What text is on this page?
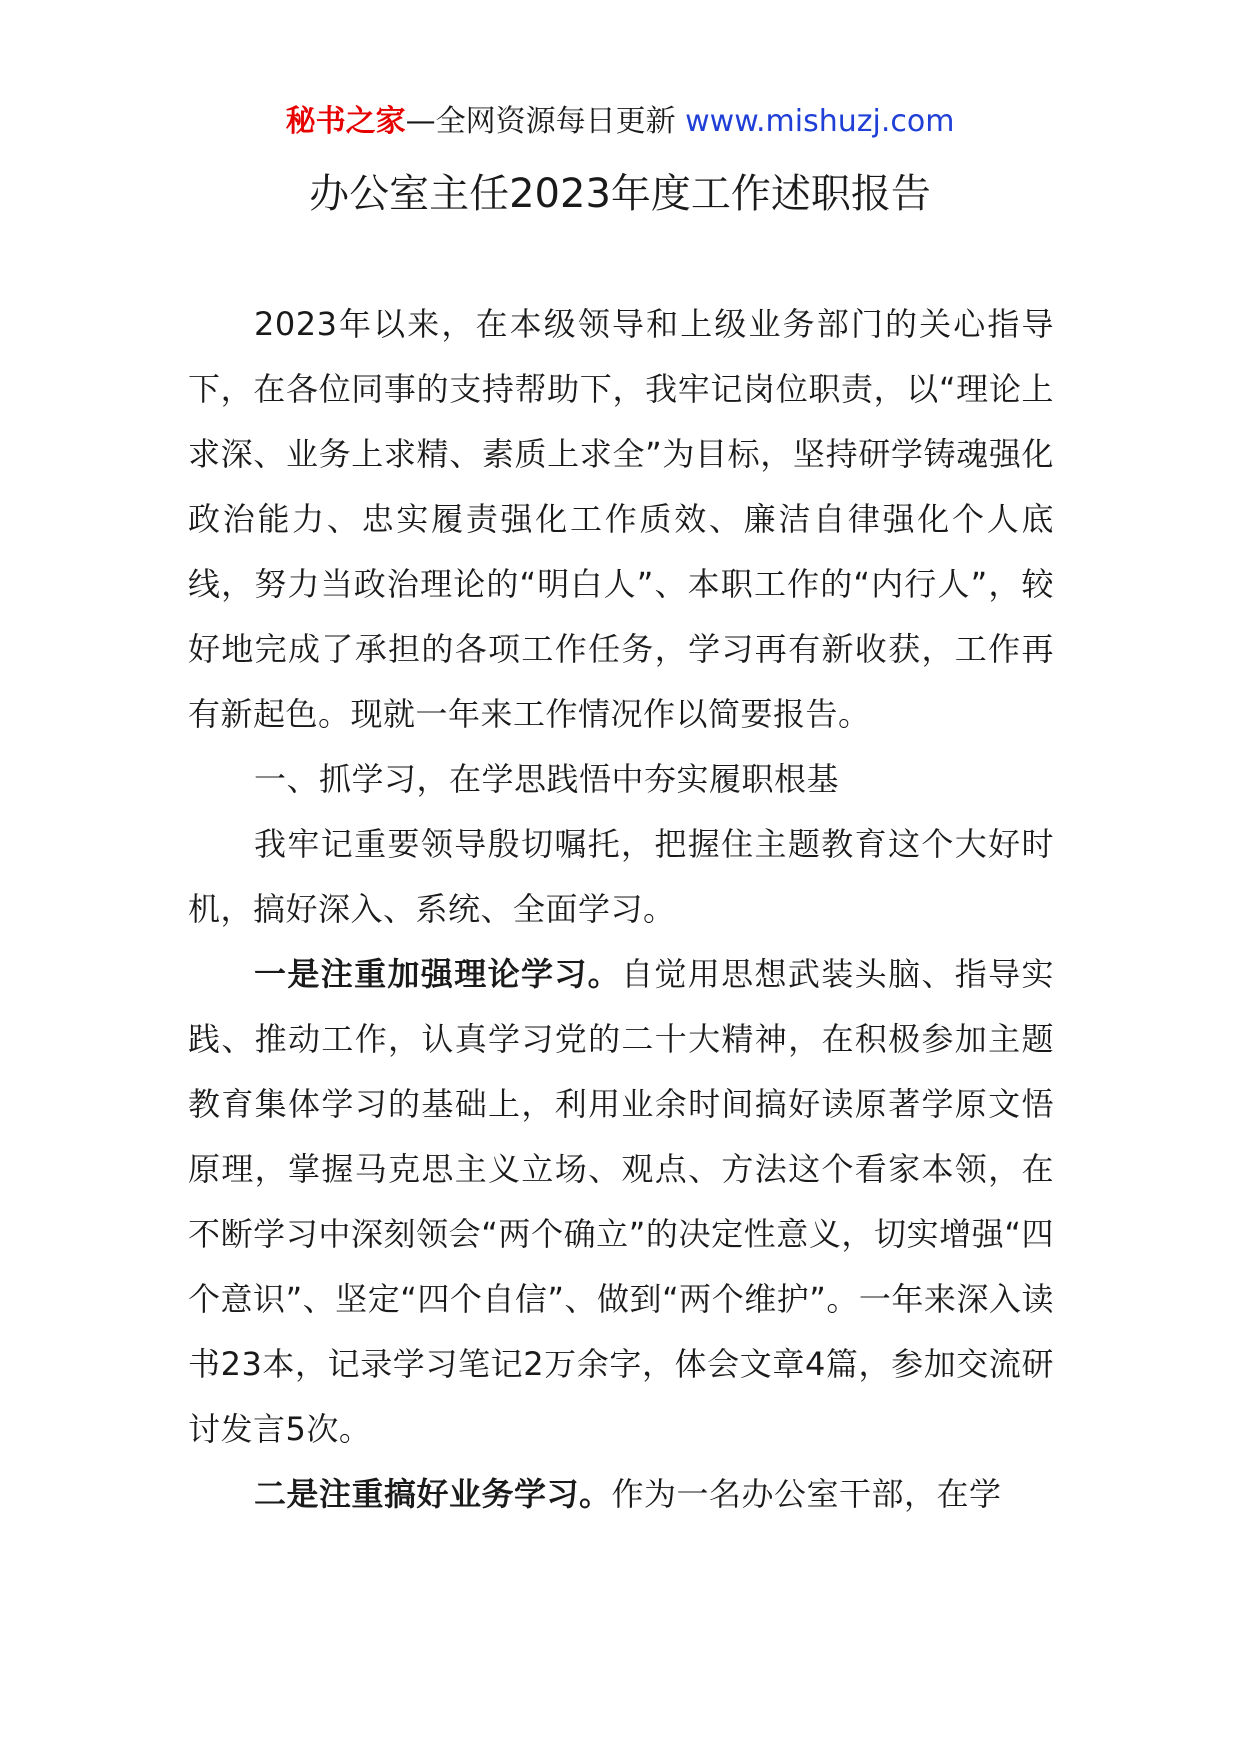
秘书之家—全网资源每日更新 www.mishuzj.com
办公室主任2023年度工作述职报告

2023年以来，在本级领导和上级业务部门的关心指导下，在各位同事的支持帮助下，我牢记岗位职责，以“理论上求深、业务上求精、素质上求全”为目标，坚持研学铸魂强化政治能力、忠实履责强化工作质效、廉洁自律强化个人底线，努力当政治理论的“明白人”、本职工作的“内行人”，较好地完成了承担的各项工作任务，学习再有新收获，工作再有新起色。现就一年来工作情况作以简要报告。

一、抓学习，在学思践悟中夯实履职根基

我牢记重要领导殷切嘱托，把握住主题教育这个大好时机，搞好深入、系统、全面学习。

一是注重加强理论学习。自觉用思想武装头脑、指导实践、推动工作，认真学习党的二十大精神，在积极参加主题教育集体学习的基础上，利用业余时间搞好读原著学原文悟原理，掌握马克思主义立场、观点、方法这个看家本领，在不断学习中深刻领会“两个确立”的决定性意义，切实增强“四个意识”、坚定“四个自信”、做到“两个维护”。一年来深入读书23本，记录学习笔记2万余字，体会文章4篇，参加交流研讨发言5次。

二是注重搞好业务学习。作为一名办公室干部，在学
